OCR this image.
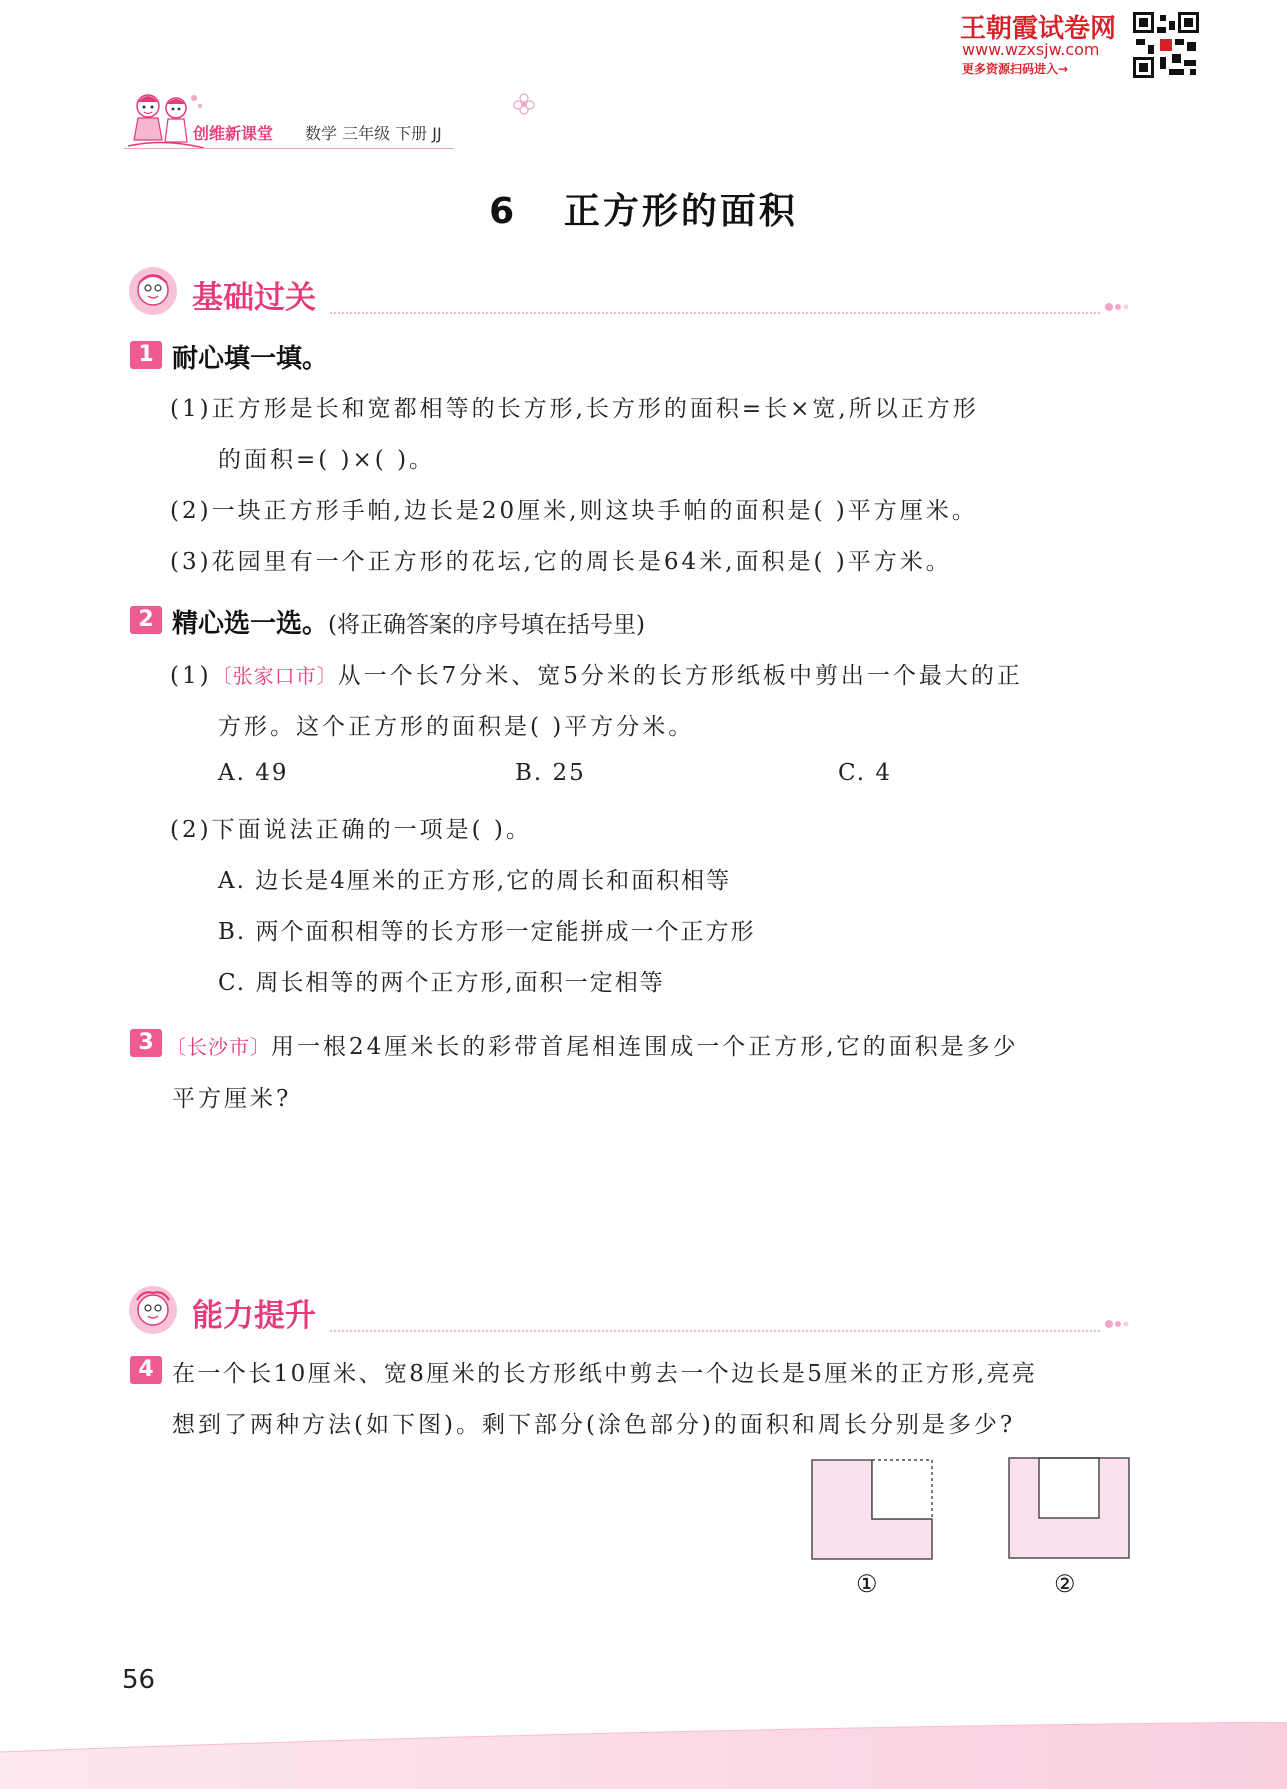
王朝霞试卷网
www.wzxsjw.com
更多资源扫码进入→
创维新课堂 数学 三年级 下册 JJ
6 正方形的面积
基础过关
1 耐心填一填。
(1)正方形是长和宽都相等的长方形,长方形的面积=长×宽,所以正方形
的面积=( )×( )。
(2)一块正方形手帕,边长是20厘米,则这块手帕的面积是( )平方厘米。
(3)花园里有一个正方形的花坛,它的周长是64米,面积是( )平方米。
2 精心选一选。(将正确答案的序号填在括号里)
(1)〔张家口市〕从一个长7分米、宽5分米的长方形纸板中剪出一个最大的正
方形。这个正方形的面积是( )平方分米。
A. 49	B. 25	C. 4
(2)下面说法正确的一项是( )。
A. 边长是4厘米的正方形,它的周长和面积相等
B. 两个面积相等的长方形一定能拼成一个正方形
C. 周长相等的两个正方形,面积一定相等
3 〔长沙市〕用一根24厘米长的彩带首尾相连围成一个正方形,它的面积是多少
平方厘米?
能力提升
4 在一个长10厘米、宽8厘米的长方形纸中剪去一个边长是5厘米的正方形,亮亮
想到了两种方法(如下图)。剩下部分(涂色部分)的面积和周长分别是多少?
①	②
56
